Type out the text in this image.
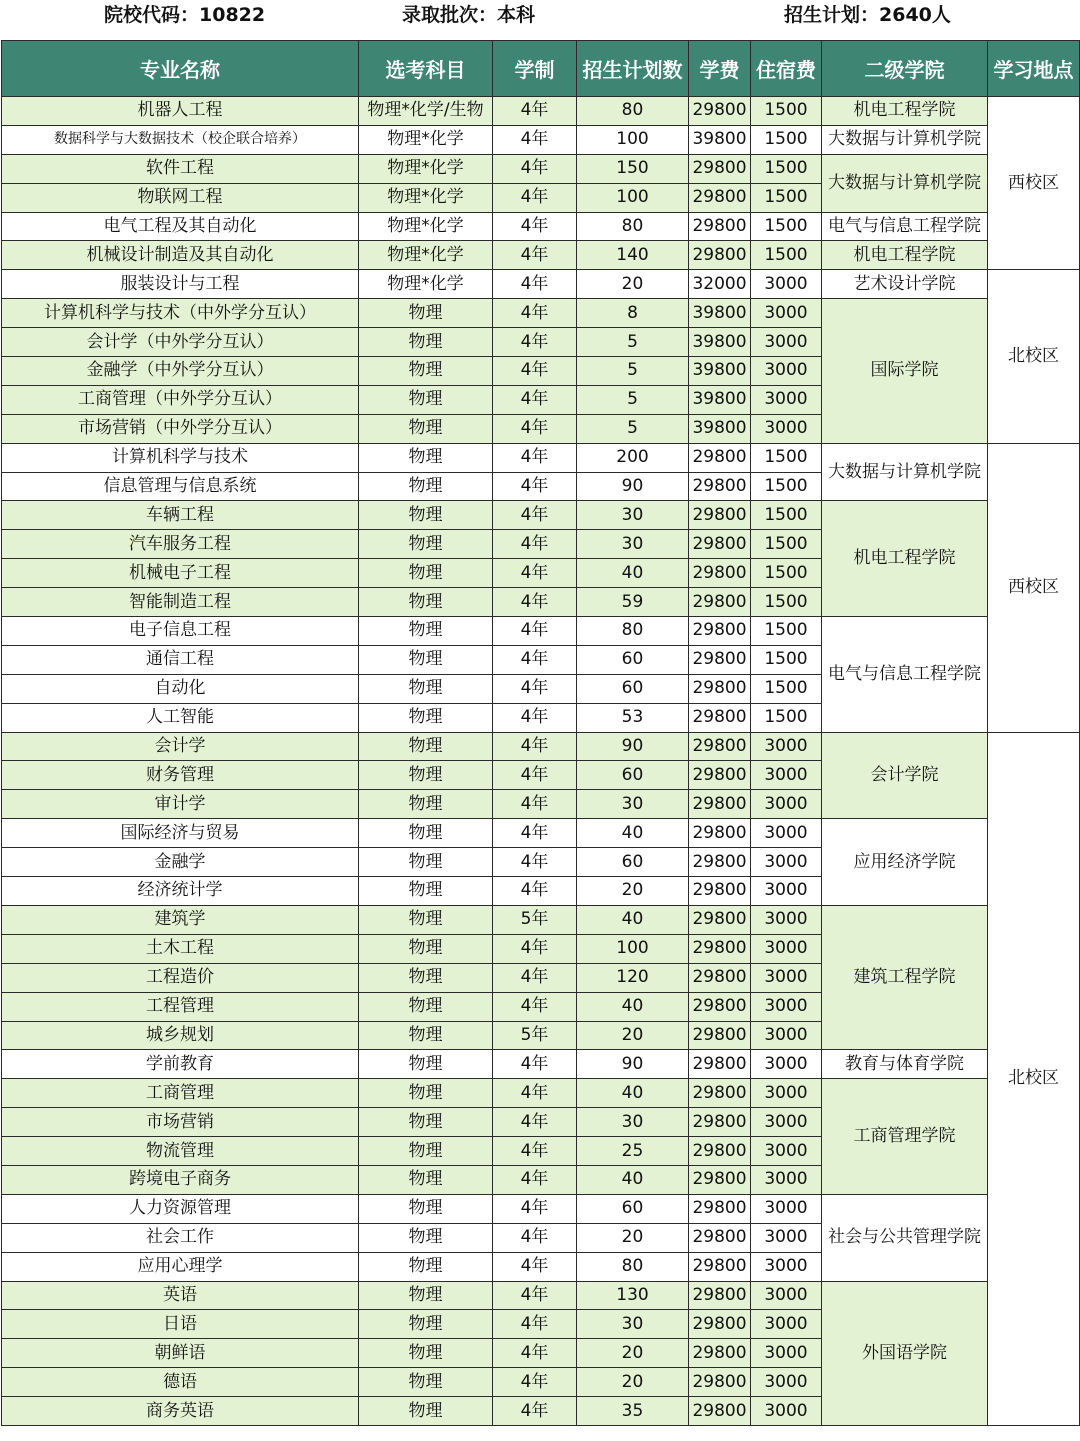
院校代码：10822	录取批次：本科	招生计划：2640人
专业名称	选考科目	学制	招生计划数	学费	住宿费	二级学院	学习地点
机器人工程	物理*化学/生物	4年	80	29800	1500	机电工程学院	西校区
数据科学与大数据技术（校企联合培养）	物理*化学	4年	100	39800	1500	大数据与计算机学院	
软件工程	物理*化学	4年	150	29800	1500	大数据与计算机学院	
物联网工程	物理*化学	4年	100	29800	1500		
电气工程及其自动化	物理*化学	4年	80	29800	1500	电气与信息工程学院	
机械设计制造及其自动化	物理*化学	4年	140	29800	1500	机电工程学院	
服装设计与工程	物理*化学	4年	20	32000	3000	艺术设计学院	北校区
计算机科学与技术（中外学分互认）	物理	4年	8	39800	3000	国际学院	
会计学（中外学分互认）	物理	4年	5	39800	3000		
金融学（中外学分互认）	物理	4年	5	39800	3000		
工商管理（中外学分互认）	物理	4年	5	39800	3000		
市场营销（中外学分互认）	物理	4年	5	39800	3000		
计算机科学与技术	物理	4年	200	29800	1500	大数据与计算机学院	西校区
信息管理与信息系统	物理	4年	90	29800	1500		
车辆工程	物理	4年	30	29800	1500	机电工程学院	
汽车服务工程	物理	4年	30	29800	1500		
机械电子工程	物理	4年	40	29800	1500		
智能制造工程	物理	4年	59	29800	1500		
电子信息工程	物理	4年	80	29800	1500	电气与信息工程学院	
通信工程	物理	4年	60	29800	1500		
自动化	物理	4年	60	29800	1500		
人工智能	物理	4年	53	29800	1500		
会计学	物理	4年	90	29800	3000	会计学院	北校区
财务管理	物理	4年	60	29800	3000		
审计学	物理	4年	30	29800	3000		
国际经济与贸易	物理	4年	40	29800	3000	应用经济学院	
金融学	物理	4年	60	29800	3000		
经济统计学	物理	4年	20	29800	3000		
建筑学	物理	5年	40	29800	3000	建筑工程学院	
土木工程	物理	4年	100	29800	3000		
工程造价	物理	4年	120	29800	3000		
工程管理	物理	4年	40	29800	3000		
城乡规划	物理	5年	20	29800	3000		
学前教育	物理	4年	90	29800	3000	教育与体育学院	
工商管理	物理	4年	40	29800	3000	工商管理学院	
市场营销	物理	4年	30	29800	3000		
物流管理	物理	4年	25	29800	3000		
跨境电子商务	物理	4年	40	29800	3000		
人力资源管理	物理	4年	60	29800	3000	社会与公共管理学院	
社会工作	物理	4年	20	29800	3000		
应用心理学	物理	4年	80	29800	3000		
英语	物理	4年	130	29800	3000	外国语学院	
日语	物理	4年	30	29800	3000		
朝鲜语	物理	4年	20	29800	3000		
德语	物理	4年	20	29800	3000		
商务英语	物理	4年	35	29800	3000		
